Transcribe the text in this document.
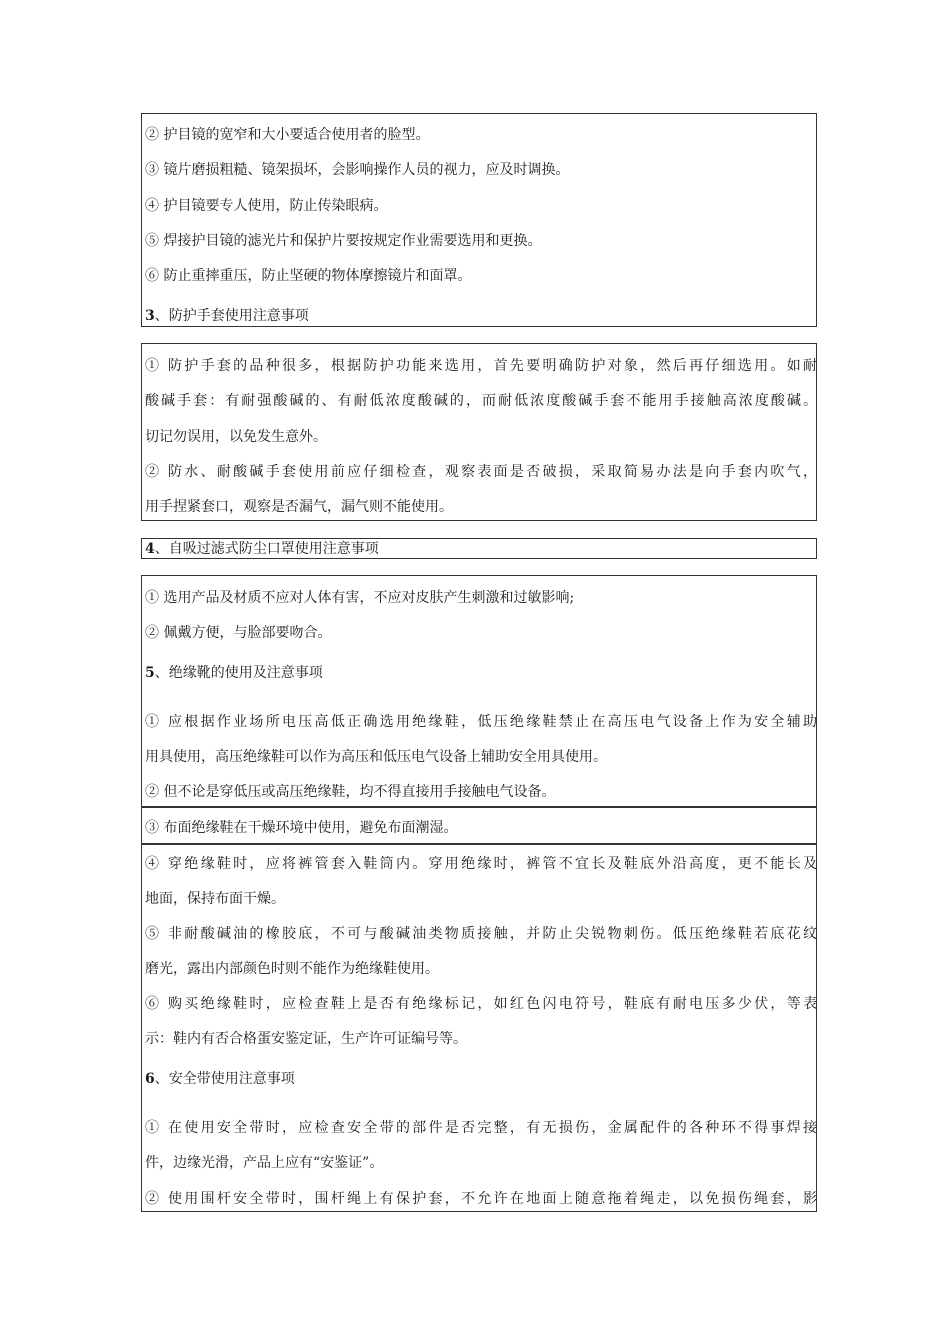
② 护目镜的宽窄和大小要适合使用者的脸型。
③ 镜片磨损粗糙、镜架损坏，会影响操作人员的视力，应及时调换。
④ 护目镜要专人使用，防止传染眼病。
⑤ 焊接护目镜的滤光片和保护片要按规定作业需要选用和更换。
⑥ 防止重摔重压，防止坚硬的物体摩擦镜片和面罩。
3、防护手套使用注意事项
① 防护手套的品种很多，根据防护功能来选用，首先要明确防护对象，然后再仔细选用。如耐
酸碱手套：有耐强酸碱的、有耐低浓度酸碱的，而耐低浓度酸碱手套不能用手接触高浓度酸碱。
切记勿误用，以免发生意外。
② 防水、耐酸碱手套使用前应仔细检查，观察表面是否破损，采取简易办法是向手套内吹气，
用手捏紧套口，观察是否漏气，漏气则不能使用。
4、自吸过滤式防尘口罩使用注意事项
① 选用产品及材质不应对人体有害，不应对皮肤产生刺激和过敏影响;
② 佩戴方便，与脸部要吻合。
5、绝缘靴的使用及注意事项
① 应根据作业场所电压高低正确选用绝缘鞋，低压绝缘鞋禁止在高压电气设备上作为安全辅助
用具使用，高压绝缘鞋可以作为高压和低压电气设备上辅助安全用具使用。
② 但不论是穿低压或高压绝缘鞋，均不得直接用手接触电气设备。
③ 布面绝缘鞋在干燥环境中使用，避免布面潮湿。
④ 穿绝缘鞋时，应将裤管套入鞋筒内。穿用绝缘时，裤管不宜长及鞋底外沿高度，更不能长及
地面，保持布面干燥。
⑤ 非耐酸碱油的橡胶底，不可与酸碱油类物质接触，并防止尖锐物刺伤。低压绝缘鞋若底花纹
磨光，露出内部颜色时则不能作为绝缘鞋使用。
⑥ 购买绝缘鞋时，应检查鞋上是否有绝缘标记，如红色闪电符号，鞋底有耐电压多少伏，等表
示：鞋内有否合格蛋安鉴定证，生产许可证编号等。
6、安全带使用注意事项
① 在使用安全带时，应检查安全带的部件是否完整，有无损伤，金属配件的各种环不得事焊接
件，边缘光滑，产品上应有“安鉴证”。
② 使用围杆安全带时，围杆绳上有保护套，不允许在地面上随意拖着绳走，以免损伤绳套，影
